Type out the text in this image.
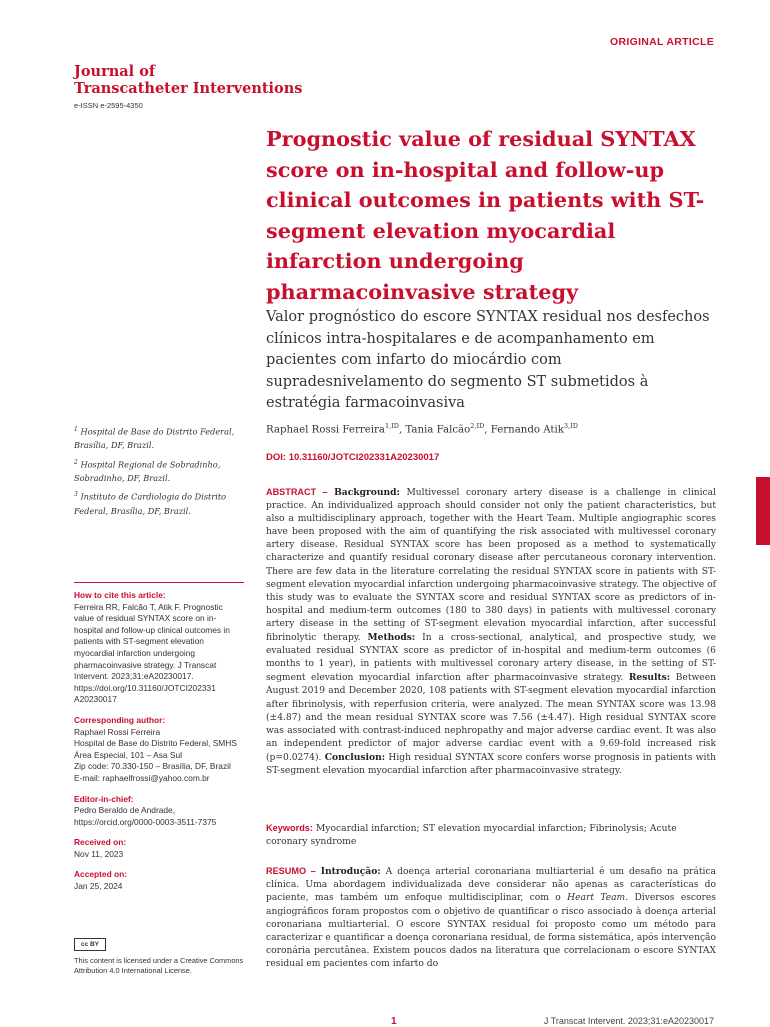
ORIGINAL ARTICLE
Journal of
Transcatheter Interventions
e-ISSN e-2595-4350
Prognostic value of residual SYNTAX score on in-hospital and follow-up clinical outcomes in patients with ST-segment elevation myocardial infarction undergoing pharmacoinvasive strategy
Valor prognóstico do escore SYNTAX residual nos desfechos clínicos intra-hospitalares e de acompanhamento em pacientes com infarto do miocárdio com supradesnivelamento do segmento ST submetidos à estratégia farmacoinvasiva
Raphael Rossi Ferreira$^{1,ID}$, Tania Falcão$^{2,ID}$, Fernando Atik$^{3,ID}$
DOI: 10.31160/JOTCI202331A20230017
$^1$ Hospital de Base do Distrito Federal, Brasília, DF, Brazil.
$^2$ Hospital Regional de Sobradinho, Sobradinho, DF, Brazil.
$^3$ Instituto de Cardiologia do Distrito Federal, Brasília, DF, Brazil.
How to cite this article:
Ferreira RR, Falcão T, Atik F. Prognostic value of residual SYNTAX score on in-hospital and follow-up clinical outcomes in patients with ST-segment elevation myocardial infarction undergoing pharmacoinvasive strategy. J Transcat Intervent. 2023;31:eA20230017. https://doi.org/10.31160/JOTCI202331 A20230017
Corresponding author:
Raphael Rossi Ferreira
Hospital de Base do Distrito Federal, SMHS
Área Especial, 101 – Asa Sul
Zip code: 70.330-150 – Brasília, DF, Brazil
E-mail: raphaelfrossi@yahoo.com.br
Editor-in-chief:
Pedro Beraldo de Andrade,
https://orcid.org/0000-0003-3511-7375
Received on:
Nov 11, 2023
Accepted on:
Jan 25, 2024
cc BY
This content is licensed under a Creative Commons Attribution 4.0 International License.

ABSTRACT – Background: Multivessel coronary artery disease is a challenge in clinical practice. An individualized approach should consider not only the patient characteristics, but also a multidisciplinary approach, together with the Heart Team. Multiple angiographic scores have been proposed with the aim of quantifying the risk associated with multivessel coronary artery disease. Residual SYNTAX score has been proposed as a method to systematically characterize and quantify residual coronary disease after percutaneous coronary intervention. There are few data in the literature correlating the residual SYNTAX score in patients with ST-segment elevation myocardial infarction undergoing pharmacoinvasive strategy. The objective of this study was to evaluate the SYNTAX score and residual SYNTAX score as predictors of in-hospital and medium-term outcomes (180 to 380 days) in patients with multivessel coronary artery disease in the setting of ST-segment elevation myocardial infarction, after successful fibrinolytic therapy. Methods: In a cross-sectional, analytical, and prospective study, we evaluated residual SYNTAX score as predictor of in-hospital and medium-term outcomes (6 months to 1 year), in patients with multivessel coronary artery disease, in the setting of ST-segment elevation myocardial infarction after pharmacoinvasive strategy. Results: Between August 2019 and December 2020, 108 patients with ST-segment elevation myocardial infarction after fibrinolysis, with reperfusion criteria, were analyzed. The mean SYNTAX score was 13.98 (±4.87) and the mean residual SYNTAX score was 7.56 (±4.47). High residual SYNTAX score was associated with contrast-induced nephropathy and major adverse cardiac event. It was also an independent predictor of major adverse cardiac event with a 9.69-fold increased risk (p=0.0274). Conclusion: High residual SYNTAX score confers worse prognosis in patients with ST-segment elevation myocardial infarction after pharmacoinvasive strategy.

Keywords: Myocardial infarction; ST elevation myocardial infarction; Fibrinolysis; Acute coronary syndrome

RESUMO – Introdução: A doença arterial coronariana multiarterial é um desafio na prática clínica. Uma abordagem individualizada deve considerar não apenas as características do paciente, mas também um enfoque multidisciplinar, com o Heart Team. Diversos escores angiográficos foram propostos com o objetivo de quantificar o risco associado à doença arterial coronariana multiarterial. O escore SYNTAX residual foi proposto como um método para caracterizar e quantificar a doença coronariana residual, de forma sistemática, após intervenção coronária percutânea. Existem poucos dados na literatura que correlacionam o escore SYNTAX residual em pacientes com infarto do

1	J Transcat Intervent. 2023;31:eA20230017
